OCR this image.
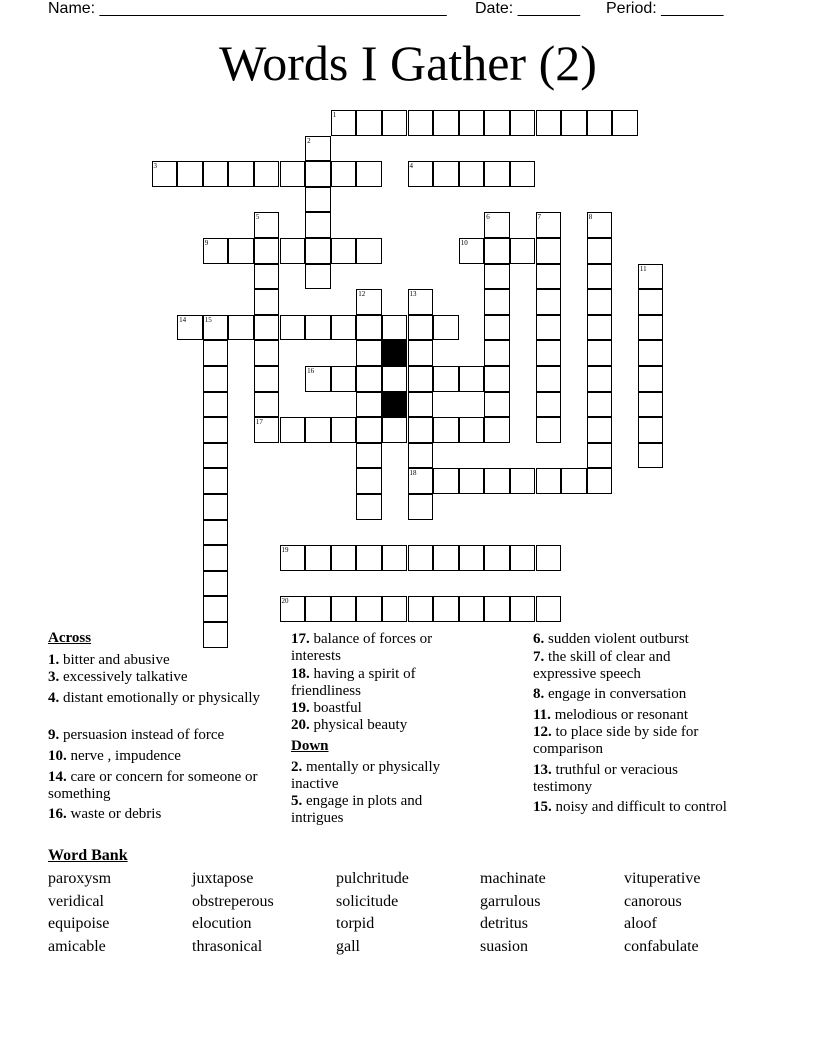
Name: _______________________________________ Date: _______ Period: _______
Words I Gather (2)
1
2
3	4
5
17
6	7	8
9	10
11
12	13
18
14	15
16
19
20
Across
1. bitter and abusive
3. excessively talkative
4. distant emotionally or physically
9. persuasion instead of force
10. nerve , impudence
14. care or concern for someone or something
16. waste or debris
17. balance of forces or interests
18. having a spirit of friendliness
19. boastful
20. physical beauty
Down
2. mentally or physically inactive
5. engage in plots and intrigues
6. sudden violent outburst
7. the skill of clear and expressive speech
8. engage in conversation
11. melodious or resonant
12. to place side by side for comparison
13. truthful or veracious testimony
15. noisy and difficult to control
Word Bank
paroxysm	juxtapose	pulchritude	machinate	vituperative
veridical	obstreperous	solicitude	garrulous	canorous
equipoise	elocution	torpid	detritus	aloof
amicable	thrasonical	gall	suasion	confabulate
